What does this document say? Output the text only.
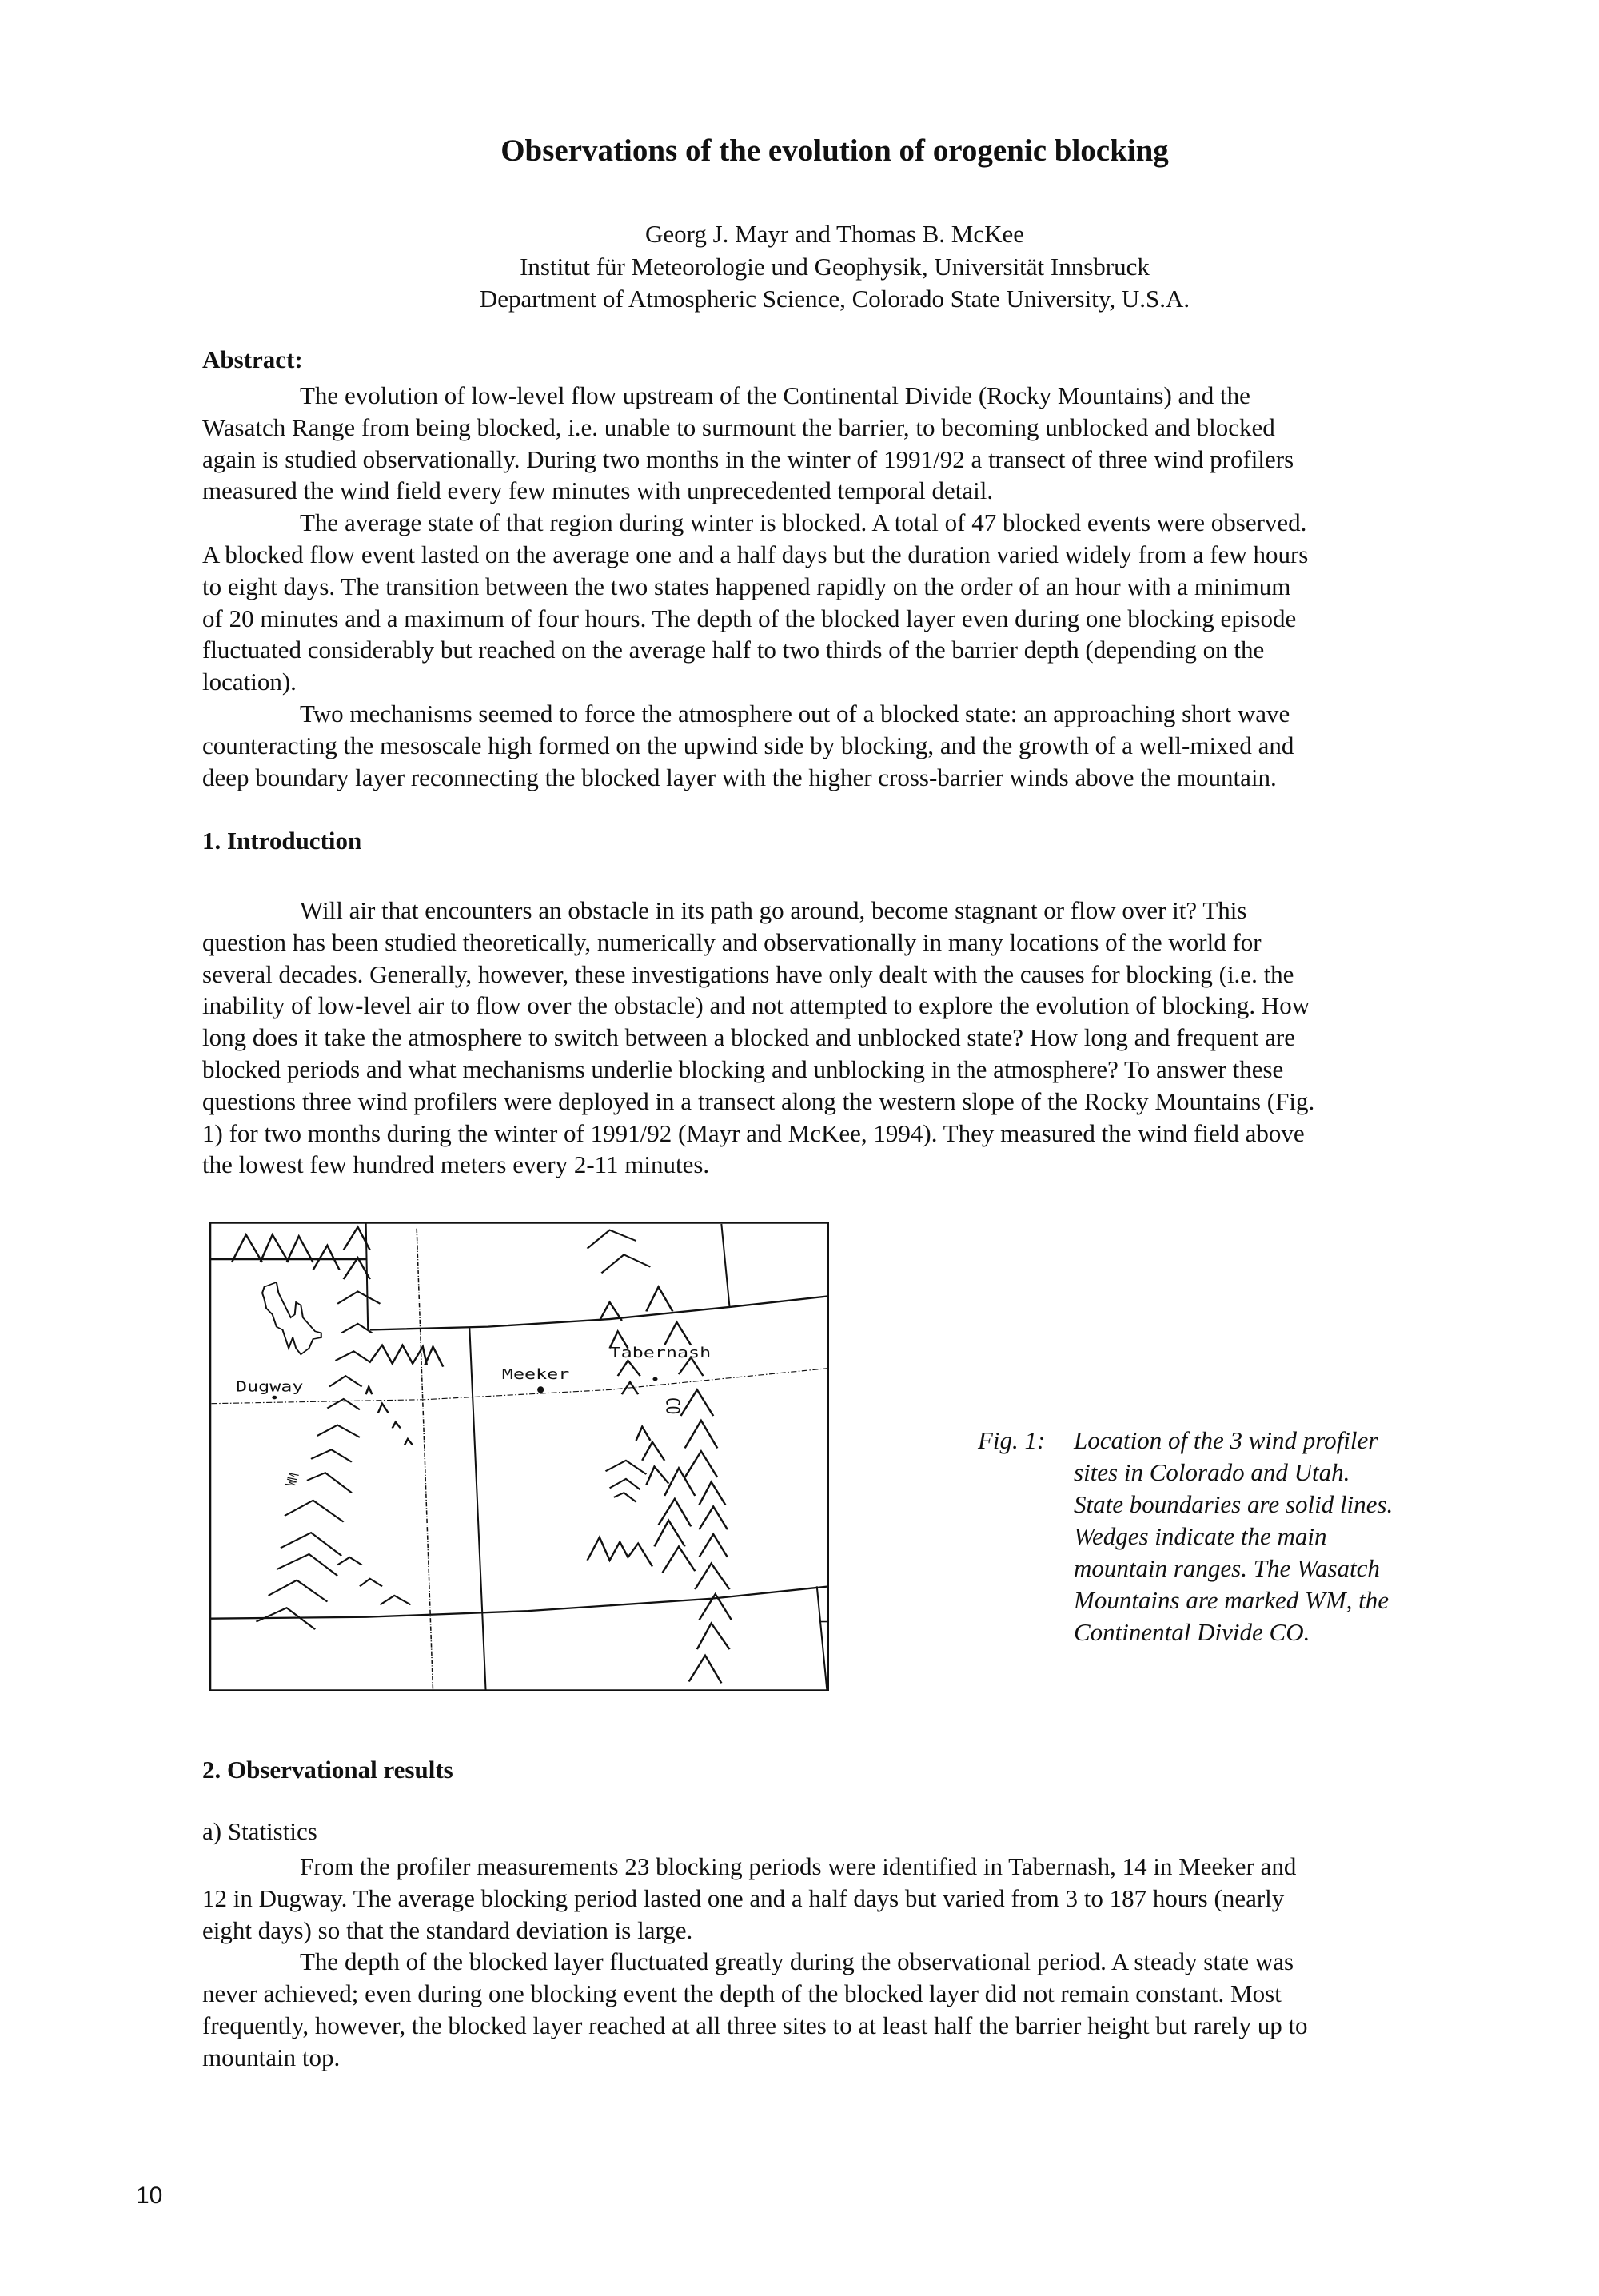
Observations of the evolution of orogenic blocking
Georg J. Mayr and Thomas B. McKee
Institut für Meteorologie und Geophysik, Universität Innsbruck
Department of Atmospheric Science, Colorado State University, U.S.A.
Abstract:
The evolution of low-level flow upstream of the Continental Divide (Rocky Mountains) and the
Wasatch Range from being blocked, i.e. unable to surmount the barrier, to becoming unblocked and blocked
again is studied observationally. During two months in the winter of 1991/92 a transect of three wind profilers
measured the wind field every few minutes with unprecedented temporal detail.
The average state of that region during winter is blocked. A total of 47 blocked events were observed.
A blocked flow event lasted on the average one and a half days but the duration varied widely from a few hours
to eight days. The transition between the two states happened rapidly on the order of an hour with a minimum
of 20 minutes and a maximum of four hours. The depth of the blocked layer even during one blocking episode
fluctuated considerably but reached on the average half to two thirds of the barrier depth (depending on the
location).
Two mechanisms seemed to force the atmosphere out of a blocked state: an approaching short wave
counteracting the mesoscale high formed on the upwind side by blocking, and the growth of a well-mixed and
deep boundary layer reconnecting the blocked layer with the higher cross-barrier winds above the mountain.
1. Introduction
Will air that encounters an obstacle in its path go around, become stagnant or flow over it? This
question has been studied theoretically, numerically and observationally in many locations of the world for
several decades. Generally, however, these investigations have only dealt with the causes for blocking (i.e. the
inability of low-level air to flow over the obstacle) and not attempted to explore the evolution of blocking. How
long does it take the atmosphere to switch between a blocked and unblocked state? How long and frequent are
blocked periods and what mechanisms underlie blocking and unblocking in the atmosphere? To answer these
questions three wind profilers were deployed in a transect along the western slope of the Rocky Mountains (Fig.
1) for two months during the winter of 1991/92 (Mayr and McKee, 1994). They measured the wind field above
the lowest few hundred meters every 2-11 minutes.
Dugway
Meeker
Tabernash
CO
WM
Fig. 1: Location of the 3 wind profiler
sites in Colorado and Utah.
State boundaries are solid lines.
Wedges indicate the main
mountain ranges. The Wasatch
Mountains are marked WM, the
Continental Divide CO.
2. Observational results
a) Statistics
From the profiler measurements 23 blocking periods were identified in Tabernash, 14 in Meeker and
12 in Dugway. The average blocking period lasted one and a half days but varied from 3 to 187 hours (nearly
eight days) so that the standard deviation is large.
The depth of the blocked layer fluctuated greatly during the observational period. A steady state was
never achieved; even during one blocking event the depth of the blocked layer did not remain constant. Most
frequently, however, the blocked layer reached at all three sites to at least half the barrier height but rarely up to
mountain top.
10
